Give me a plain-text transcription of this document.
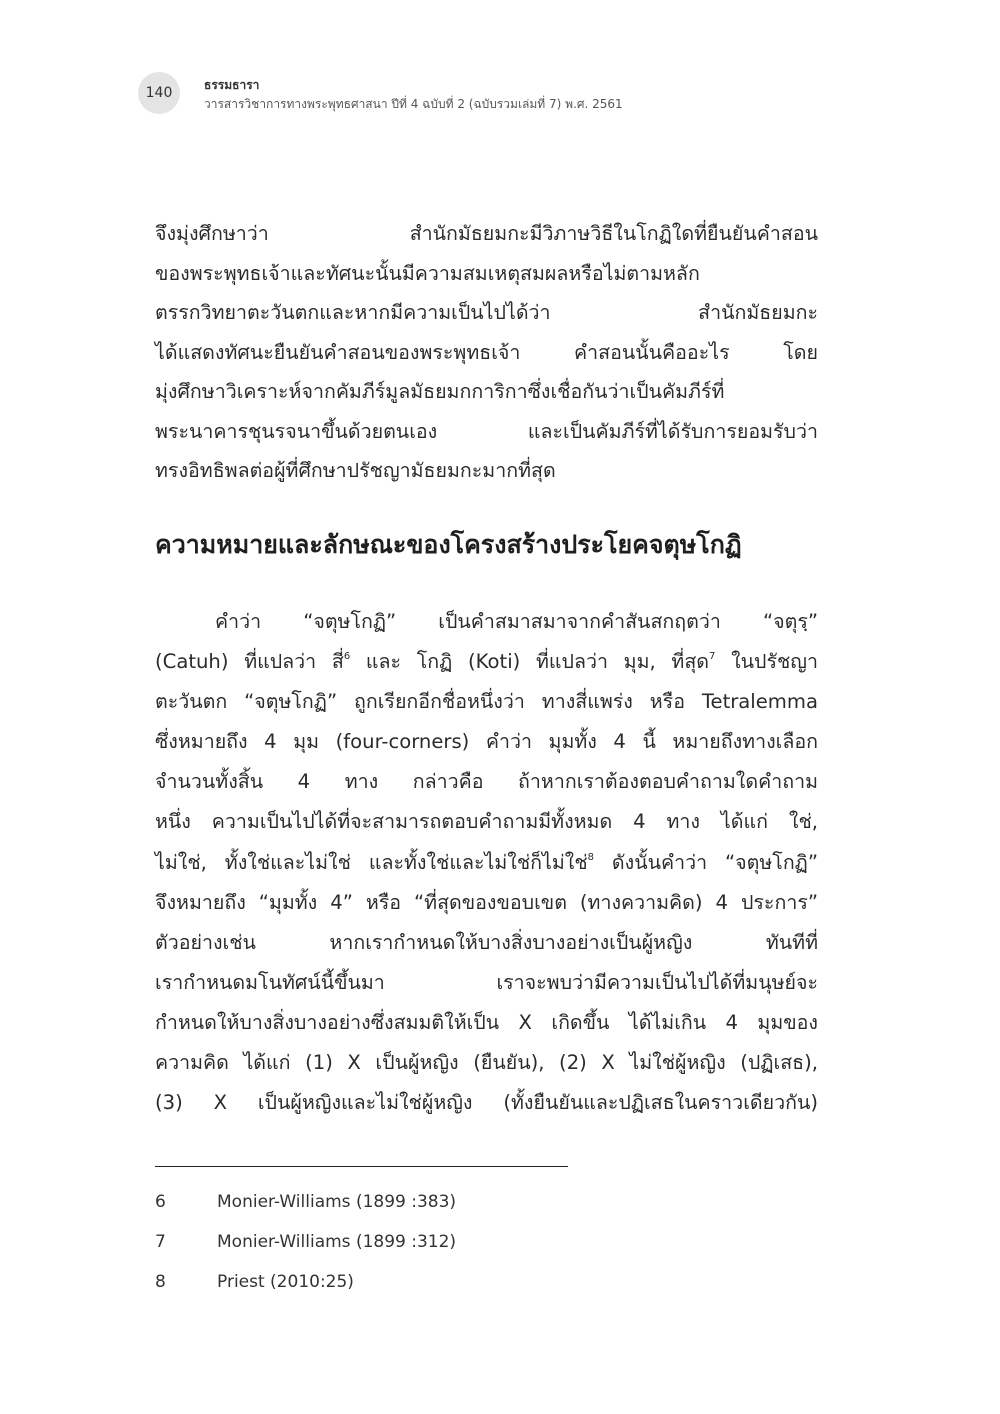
140	ธรรมธารา
วารสารวิชาการทางพระพุทธศาสนา ปีที่ 4 ฉบับที่ 2 (ฉบับรวมเล่มที่ 7) พ.ศ. 2561
จึงมุ่งศึกษาว่า สำนักมัธยมกะมีวิภาษวิธีในโกฏิใดที่ยืนยันคำสอน
ของพระพุทธเจ้าและทัศนะนั้นมีความสมเหตุสมผลหรือไม่ตามหลัก
ตรรกวิทยาตะวันตกและหากมีความเป็นไปได้ว่า สำนักมัธยมกะ
ได้แสดงทัศนะยืนยันคำสอนของพระพุทธเจ้า คำสอนนั้นคืออะไร โดย
มุ่งศึกษาวิเคราะห์จากคัมภีร์มูลมัธยมกการิกาซึ่งเชื่อกันว่าเป็นคัมภีร์ที่
พระนาคารชุนรจนาขึ้นด้วยตนเอง และเป็นคัมภีร์ที่ได้รับการยอมรับว่า
ทรงอิทธิพลต่อผู้ที่ศึกษาปรัชญามัธยมกะมากที่สุด
ความหมายและลักษณะของโครงสร้างประโยคจตุษโกฏิ
คำว่า “จตุษโกฏิ” เป็นคำสมาสมาจากคำสันสกฤตว่า “จตุรฺ”
(Catuh) ที่แปลว่า สี่$^6$ และ โกฏิ (Koti) ที่แปลว่า มุม, ที่สุด$^7$ ในปรัชญา
ตะวันตก “จตุษโกฏิ” ถูกเรียกอีกชื่อหนึ่งว่า ทางสี่แพร่ง หรือ Tetralemma
ซึ่งหมายถึง 4 มุม (four-corners) คำว่า มุมทั้ง 4 นี้ หมายถึงทางเลือก
จำนวนทั้งสิ้น 4 ทาง กล่าวคือ ถ้าหากเราต้องตอบคำถามใดคำถาม
หนึ่ง ความเป็นไปได้ที่จะสามารถตอบคำถามมีทั้งหมด 4 ทาง ได้แก่ ใช่,
ไม่ใช่, ทั้งใช่และไม่ใช่ และทั้งใช่และไม่ใช่ก็ไม่ใช่$^8$ ดังนั้นคำว่า “จตุษโกฏิ”
จึงหมายถึง “มุมทั้ง 4” หรือ “ที่สุดของขอบเขต (ทางความคิด) 4 ประการ”
ตัวอย่างเช่น หากเรากำหนดให้บางสิ่งบางอย่างเป็นผู้หญิง ทันทีที่
เรากำหนดมโนทัศน์นี้ขึ้นมา เราจะพบว่ามีความเป็นไปได้ที่มนุษย์จะ
กำหนดให้บางสิ่งบางอย่างซึ่งสมมติให้เป็น X เกิดขึ้น ได้ไม่เกิน 4 มุมของ
ความคิด ได้แก่ (1) X เป็นผู้หญิง (ยืนยัน), (2) X ไม่ใช่ผู้หญิง (ปฏิเสธ),
(3) X เป็นผู้หญิงและไม่ใช่ผู้หญิง (ทั้งยืนยันและปฏิเสธในคราวเดียวกัน)
6	Monier-Williams (1899 :383)
7	Monier-Williams (1899 :312)
8	Priest (2010:25)
